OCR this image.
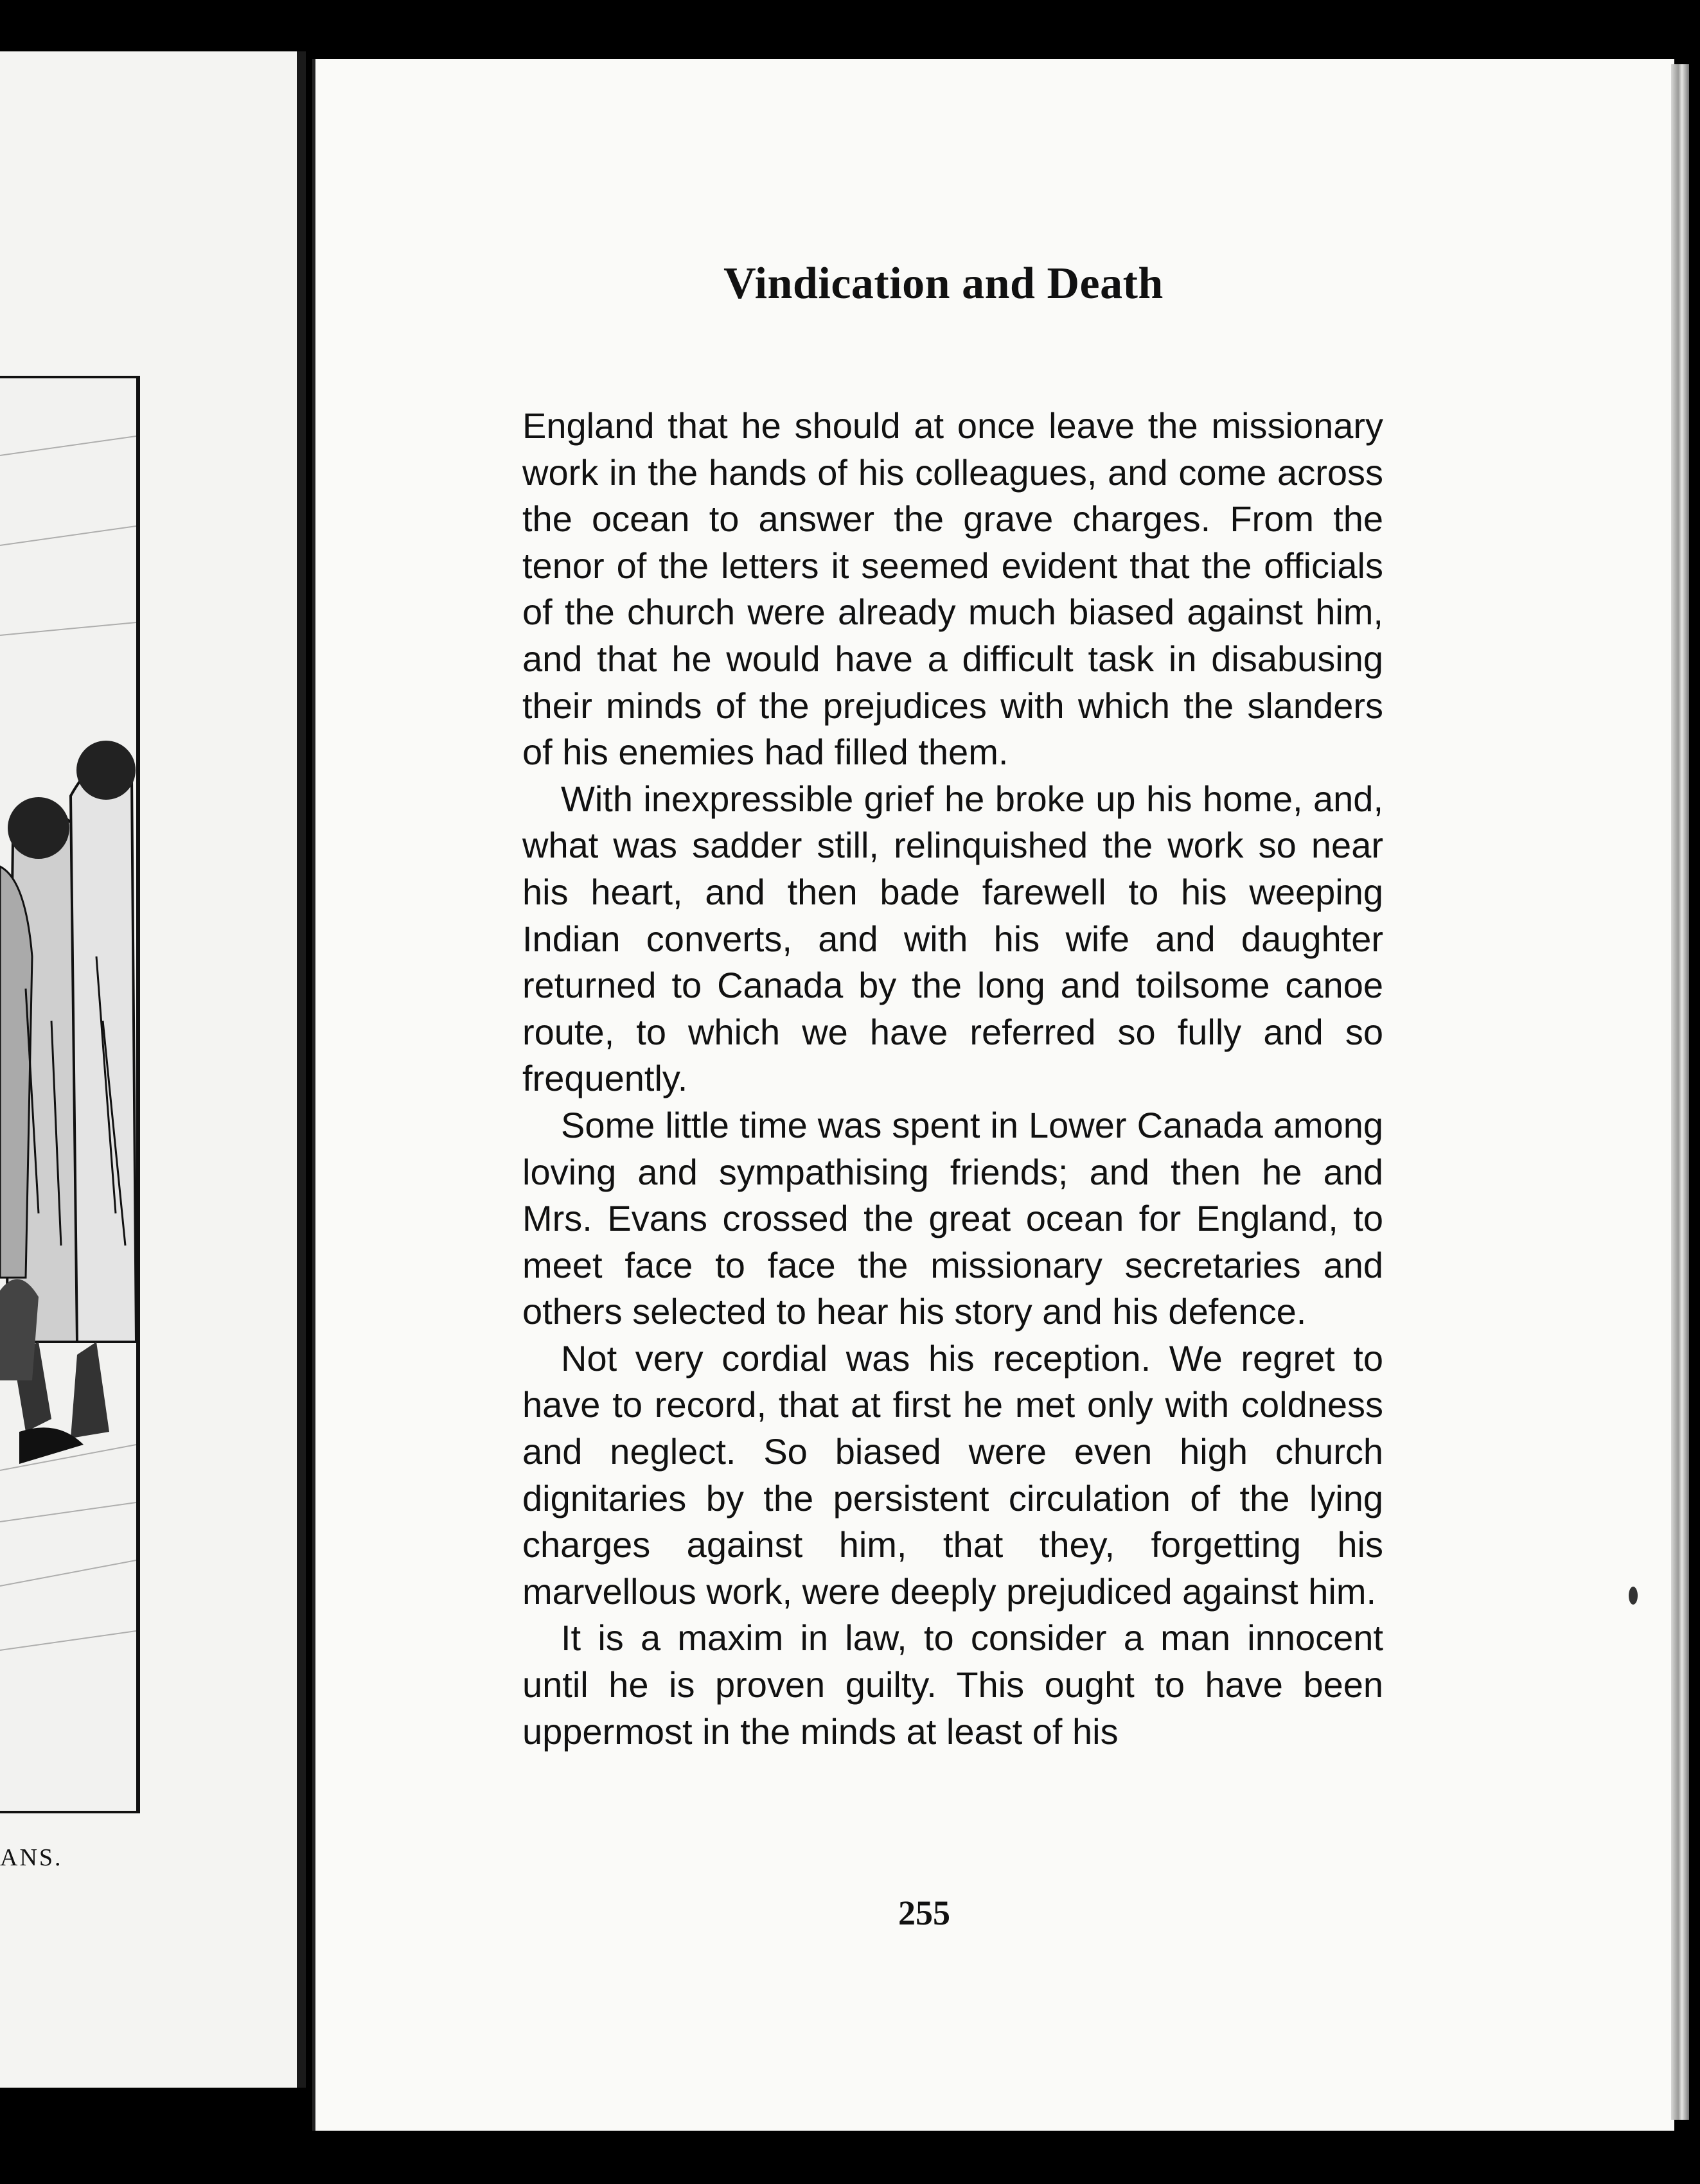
ANS.
Vindication and Death

England that he should at once leave the missionary work in the hands of his colleagues, and come across the ocean to answer the grave charges. From the tenor of the letters it seemed evident that the officials of the church were already much biased against him, and that he would have a difficult task in disabusing their minds of the prejudices with which the slanders of his enemies had filled them.

With inexpressible grief he broke up his home, and, what was sadder still, relinquished the work so near his heart, and then bade farewell to his weeping Indian converts, and with his wife and daughter returned to Canada by the long and toilsome canoe route, to which we have referred so fully and so frequently.

Some little time was spent in Lower Canada among loving and sympathising friends; and then he and Mrs. Evans crossed the great ocean for England, to meet face to face the missionary secretaries and others selected to hear his story and his defence.

Not very cordial was his reception. We regret to have to record, that at first he met only with coldness and neglect. So biased were even high church dignitaries by the persistent circulation of the lying charges against him, that they, forgetting his marvellous work, were deeply prejudiced against him.

It is a maxim in law, to consider a man innocent until he is proven guilty. This ought to have been uppermost in the minds at least of his

255
